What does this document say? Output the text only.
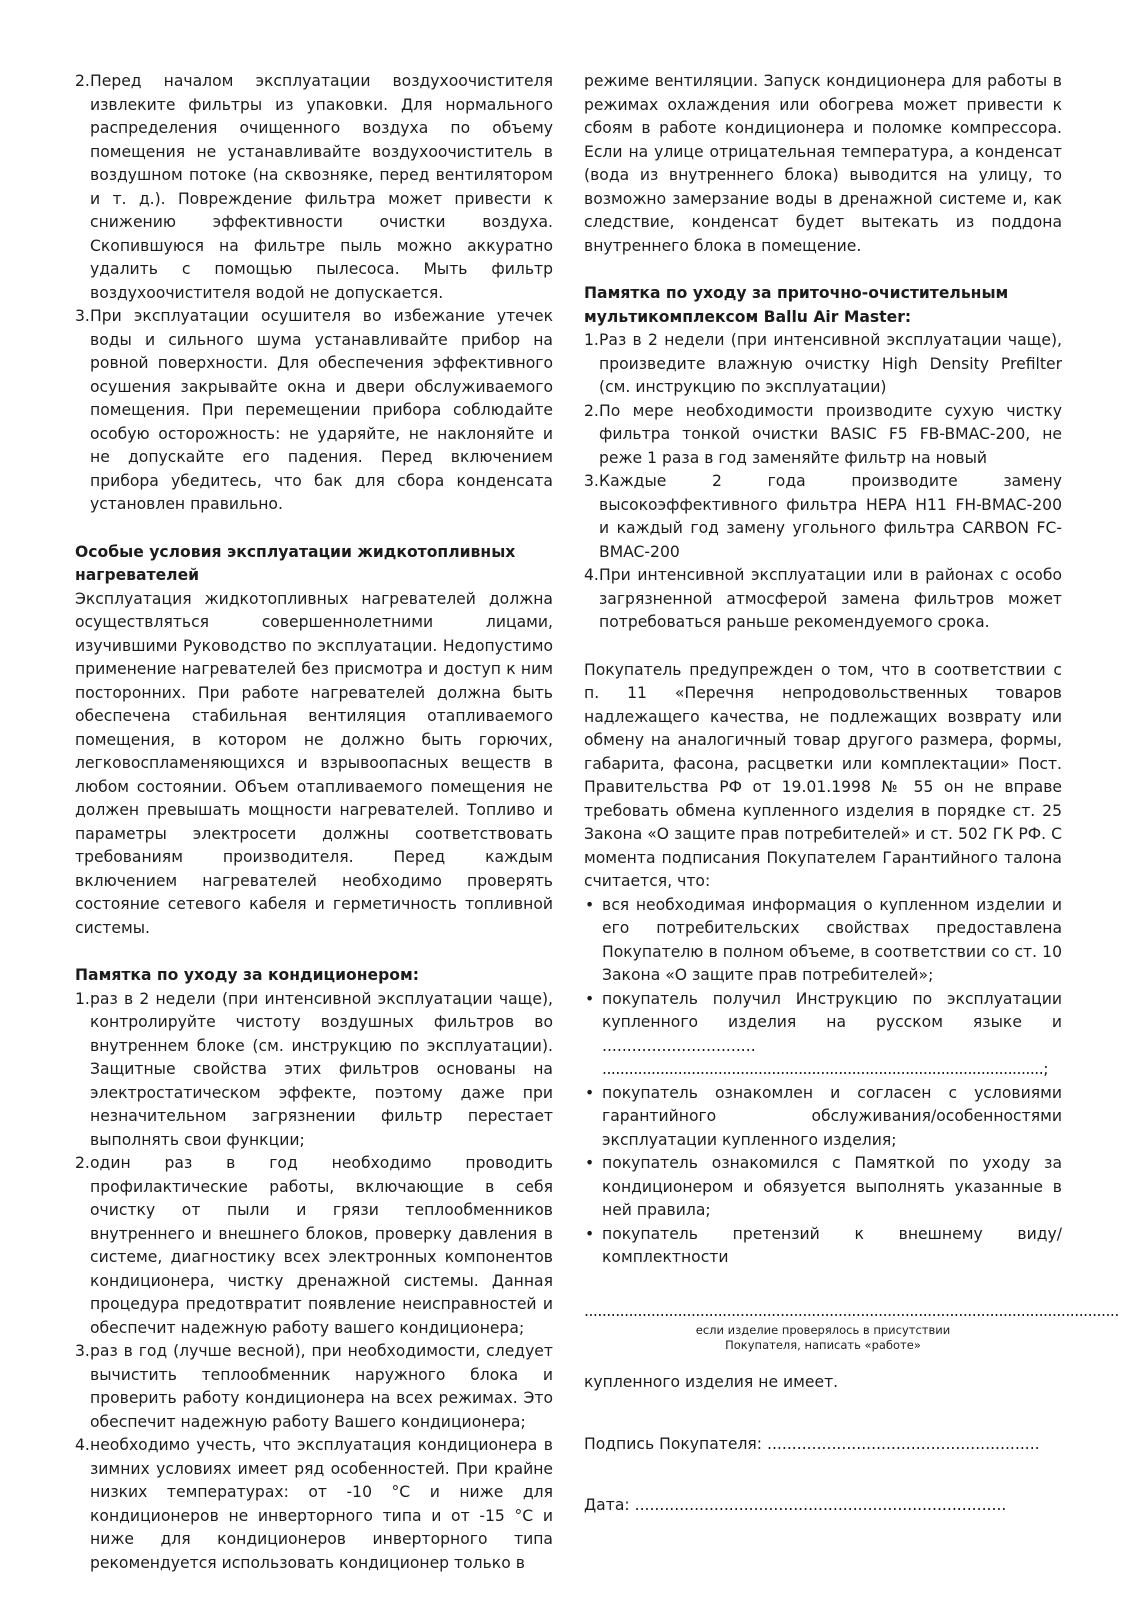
2. Перед началом эксплуатации воздухоочистителя извлеките фильтры из упаковки. Для нормального распределения очищенного воздуха по объему помещения не устанавливайте воздухоочиститель в воздушном потоке (на сквозняке, перед вентилятором и т. д.). Повреждение фильтра может привести к снижению эффективности очистки воздуха. Скопившуюся на фильтре пыль можно аккуратно удалить с помощью пылесоса. Мыть фильтр воздухоочистителя водой не допускается.
3. При эксплуатации осушителя во избежание утечек воды и сильного шума устанавливайте прибор на ровной поверхности. Для обеспечения эффективного осушения закрывайте окна и двери обслуживаемого помещения. При перемещении прибора соблюдайте особую осторожность: не ударяйте, не наклоняйте и не допускайте его падения. Перед включением прибора убедитесь, что бак для сбора конденсата установлен правильно.

Особые условия эксплуатации жидкотопливных нагревателей

Эксплуатация жидкотопливных нагревателей должна осуществляться совершеннолетними лицами, изучившими Руководство по эксплуатации. Недопустимо применение нагревателей без присмотра и доступ к ним посторонних. При работе нагревателей должна быть обеспечена стабильная вентиляция отапливаемого помещения, в котором не должно быть горючих, легковоспламеняющихся и взрывоопасных веществ в любом состоянии. Объем отапливаемого помещения не должен превышать мощности нагревателей. Топливо и параметры электросети должны соответствовать требованиям производителя. Перед каждым включением нагревателей необходимо проверять состояние сетевого кабеля и герметичность топливной системы.

Памятка по уходу за кондиционером:

1. раз в 2 недели (при интенсивной эксплуатации чаще), контролируйте чистоту воздушных фильтров во внутреннем блоке (см. инструкцию по эксплуатации). Защитные свойства этих фильтров основаны на электростатическом эффекте, поэтому даже при незначительном загрязнении фильтр перестает выполнять свои функции;
2. один раз в год необходимо проводить профилактические работы, включающие в себя очистку от пыли и грязи теплообменников внутреннего и внешнего блоков, проверку давления в системе, диагностику всех электронных компонентов кондиционера, чистку дренажной системы. Данная процедура предотвратит появление неисправностей и обеспечит надежную работу вашего кондиционера;
3. раз в год (лучше весной), при необходимости, следует вычистить теплообменник наружного блока и проверить работу кондиционера на всех режимах. Это обеспечит надежную работу Вашего кондиционера;
4. необходимо учесть, что эксплуатация кондиционера в зимних условиях имеет ряд особенностей. При крайне низких температурах: от -10 °С и ниже для кондиционеров не инверторного типа и от -15 °С и ниже для кондиционеров инверторного типа рекомендуется использовать кондиционер только в

режиме вентиляции. Запуск кондиционера для работы в режимах охлаждения или обогрева может привести к сбоям в работе кондиционера и поломке компрессора. Если на улице отрицательная температура, а конденсат (вода из внутреннего блока) выводится на улицу, то возможно замерзание воды в дренажной системе и, как следствие, конденсат будет вытекать из поддона внутреннего блока в помещение.

Памятка по уходу за приточно-очистительным мультикомплексом Ballu Air Master:

1. Раз в 2 недели (при интенсивной эксплуатации чаще), произведите влажную очистку High Density Prefilter (см. инструкцию по эксплуатации)
2. По мере необходимости производите сухую чистку фильтра тонкой очистки BASIC F5 FB-BMAC-200, не реже 1 раза в год заменяйте фильтр на новый
3. Каждые 2 года производите замену высокоэффективного фильтра HEPA H11 FH-BMAC-200 и каждый год замену угольного фильтра CARBON FC-BMAC-200
4. При интенсивной эксплуатации или в районах с особо загрязненной атмосферой замена фильтров может потребоваться раньше рекомендуемого срока.

Покупатель предупрежден о том, что в соответствии с п. 11 «Перечня непродовольственных товаров надлежащего качества, не подлежащих возврату или обмену на аналогичный товар другого размера, формы, габарита, фасона, расцветки или комплектации» Пост. Правительства РФ от 19.01.1998 № 55 он не вправе требовать обмена купленного изделия в порядке ст. 25 Закона «О защите прав потребителей» и ст. 502 ГК РФ. С момента подписания Покупателем Гарантийного талона считается, что:

• вся необходимая информация о купленном изделии и его потребительских свойствах предоставлена Покупателю в полном объеме, в соответствии со ст. 10 Закона «О защите прав потребителей»;
• покупатель получил Инструкцию по эксплуатации купленного изделия на русском языке и ...............................
...................................................................................................;
• покупатель ознакомлен и согласен с условиями гарантийного обслуживания/особенностями эксплуатации купленного изделия;
• покупатель ознакомился с Памяткой по уходу за кондиционером и обязуется выполнять указанные в ней правила;
• покупатель претензий к внешнему виду/комплектности
........................................................................................................................
если изделие проверялось в присутствии
Покупателя, написать «работе»

купленного изделия не имеет.

Подпись Покупателя: .......................................................

Дата: ...........................................................................
